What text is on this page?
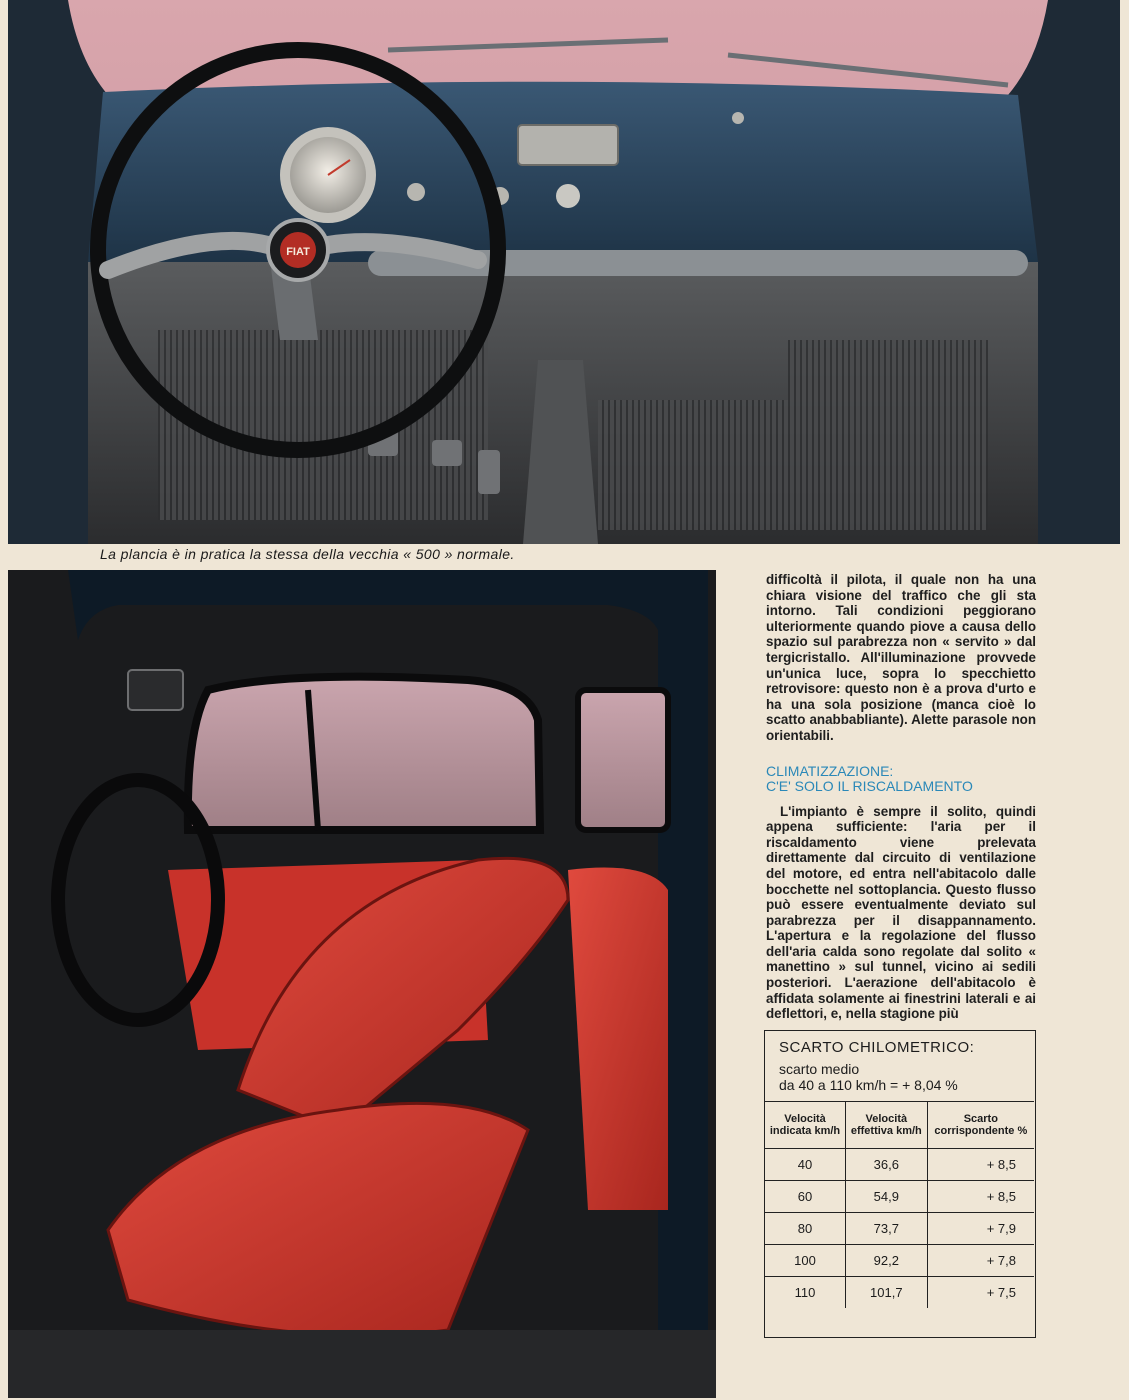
FIAT
La plancia è in pratica la stessa della vecchia « 500 » normale.

difficoltà il pilota, il quale non ha una chiara visione del traffico che gli sta intorno. Tali condizioni peggiorano ulteriormente quando piove a causa dello spazio sul parabrezza non « servito » dal tergicristallo. All'illuminazione provvede un'unica luce, sopra lo specchietto retrovisore: questo non è a prova d'urto e ha una sola posizione (manca cioè lo scatto anabbabliante). Alette parasole non orientabili.

CLIMATIZZAZIONE:
C'E' SOLO IL RISCALDAMENTO

L'impianto è sempre il solito, quindi appena sufficiente: l'aria per il riscaldamento viene prelevata direttamente dal circuito di ventilazione del motore, ed entra nell'abitacolo dalle bocchette nel sottoplancia. Questo flusso può essere eventualmente deviato sul parabrezza per il disappannamento. L'apertura e la regolazione del flusso dell'aria calda sono regolate dal solito « manettino » sul tunnel, vicino ai sedili posteriori. L'aerazione dell'abitacolo è affidata solamente ai finestrini laterali e ai deflettori, e, nella stagione più

SCARTO CHILOMETRICO:
scarto medio
da 40 a 110 km/h = + 8,04 %
Velocità indicata km/h	Velocità effettiva km/h	Scarto corrispondente %
40	36,6	+ 8,5
60	54,9	+ 8,5
80	73,7	+ 7,9
100	92,2	+ 7,8
110	101,7	+ 7,5
